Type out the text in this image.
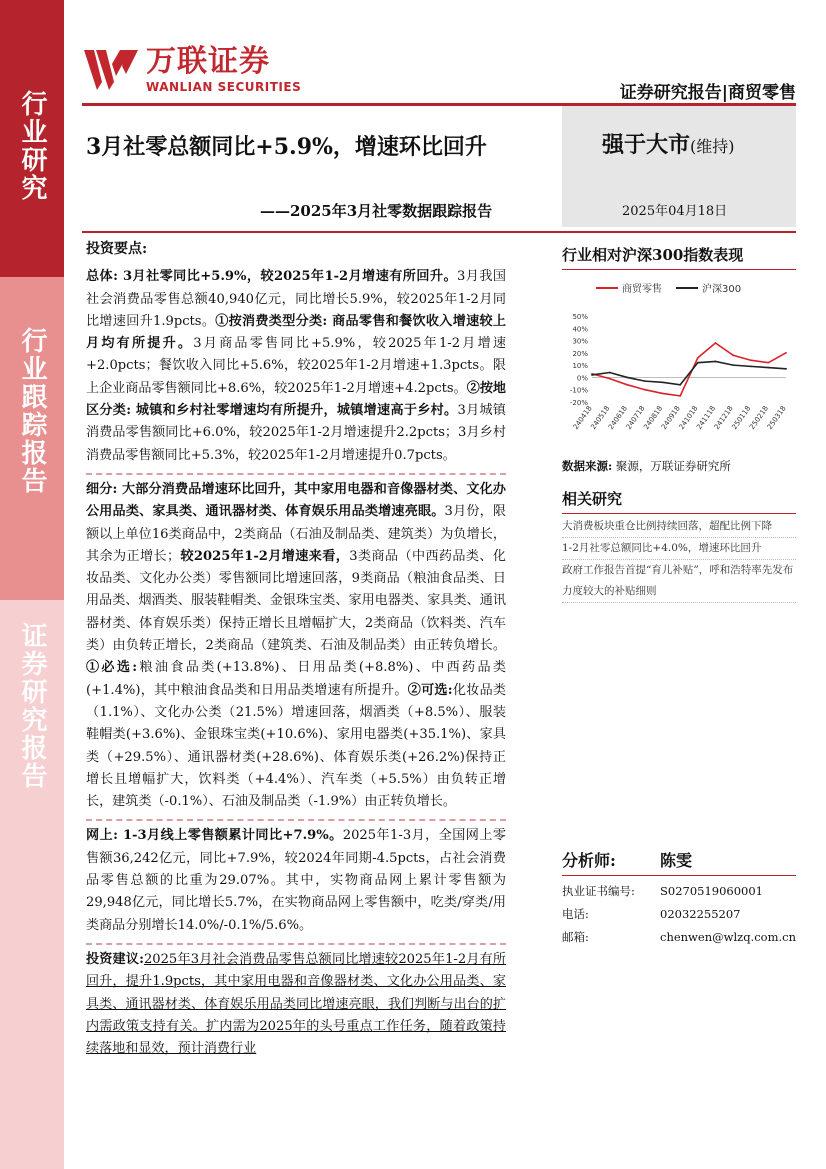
行业研究
行业跟踪报告
证券研究报告
万联证券
WANLIAN SECURITIES	证券研究报告|商贸零售
3月社零总额同比+5.9%，增速环比回升
——2025年3月社零数据跟踪报告
强于大市(维持)
2025年04月18日

投资要点:

总体: 3月社零同比+5.9%，较2025年1-2月增速有所回升。3月我国社会消费品零售总额40,940亿元，同比增长5.9%，较2025年1-2月同比增速回升1.9pcts。①按消费类型分类: 商品零售和餐饮收入增速较上月均有所提升。3月商品零售同比+5.9%，较2025年1-2月增速+2.0pcts；餐饮收入同比+5.6%，较2025年1-2月增速+1.3pcts。限上企业商品零售额同比+8.6%，较2025年1-2月增速+4.2pcts。②按地区分类: 城镇和乡村社零增速均有所提升，城镇增速高于乡村。3月城镇消费品零售额同比+6.0%，较2025年1-2月增速提升2.2pcts；3月乡村消费品零售额同比+5.3%，较2025年1-2月增速提升0.7pcts。

细分: 大部分消费品增速环比回升，其中家用电器和音像器材类、文化办公用品类、家具类、通讯器材类、体育娱乐用品类增速亮眼。3月份，限额以上单位16类商品中，2类商品（石油及制品类、建筑类）为负增长，其余为正增长；较2025年1-2月增速来看，3类商品（中西药品类、化妆品类、文化办公类）零售额同比增速回落，9类商品（粮油食品类、日用品类、烟酒类、服装鞋帽类、金银珠宝类、家用电器类、家具类、通讯器材类、体育娱乐类）保持正增长且增幅扩大，2类商品（饮料类、汽车类）由负转正增长，2类商品（建筑类、石油及制品类）由正转负增长。①必选:粮油食品类(+13.8%)、日用品类(+8.8%)、中西药品类(+1.4%)，其中粮油食品类和日用品类增速有所提升。②可选:化妆品类（1.1%）、文化办公类（21.5%）增速回落，烟酒类（+8.5%）、服装鞋帽类(+3.6%)、金银珠宝类(+10.6%)、家用电器类(+35.1%)、家具类（+29.5%）、通讯器材类(+28.6%)、体育娱乐类(+26.2%)保持正增长且增幅扩大，饮料类（+4.4%）、汽车类（+5.5%）由负转正增长，建筑类（-0.1%）、石油及制品类（-1.9%）由正转负增长。

网上: 1-3月线上零售额累计同比+7.9%。2025年1-3月，全国网上零售额36,242亿元，同比+7.9%，较2024年同期-4.5pcts，占社会消费品零售总额的比重为29.07%。其中，实物商品网上累计零售额为29,948亿元，同比增长5.7%，在实物商品网上零售额中，吃类/穿类/用类商品分别增长14.0%/-0.1%/5.6%。

投资建议:2025年3月社会消费品零售总额同比增速较2025年1-2月有所回升，提升1.9pcts，其中家用电器和音像器材类、文化办公用品类、家具类、通讯器材类、体育娱乐用品类同比增速亮眼，我们判断与出台的扩内需政策支持有关。扩内需为2025年的头号重点工作任务，随着政策持续落地和显效，预计消费行业

行业相对沪深300指数表现
商贸零售	沪深300
50%
40%
30%
20%
10%
0%
-10%
-20%
240418
240518
240618
240718
240818
240918
241018
241118
241218
250118
250218
250318
数据来源: 聚源，万联证券研究所
相关研究
大消费板块重仓比例持续回落，超配比例下降
1-2月社零总额同比+4.0%，增速环比回升
政府工作报告首提“育儿补贴”，呼和浩特率先发布力度较大的补贴细则
分析师:	陈雯
执业证书编号:	S0270519060001
电话:	02032255207
邮箱:	chenwen@wlzq.com.cn
